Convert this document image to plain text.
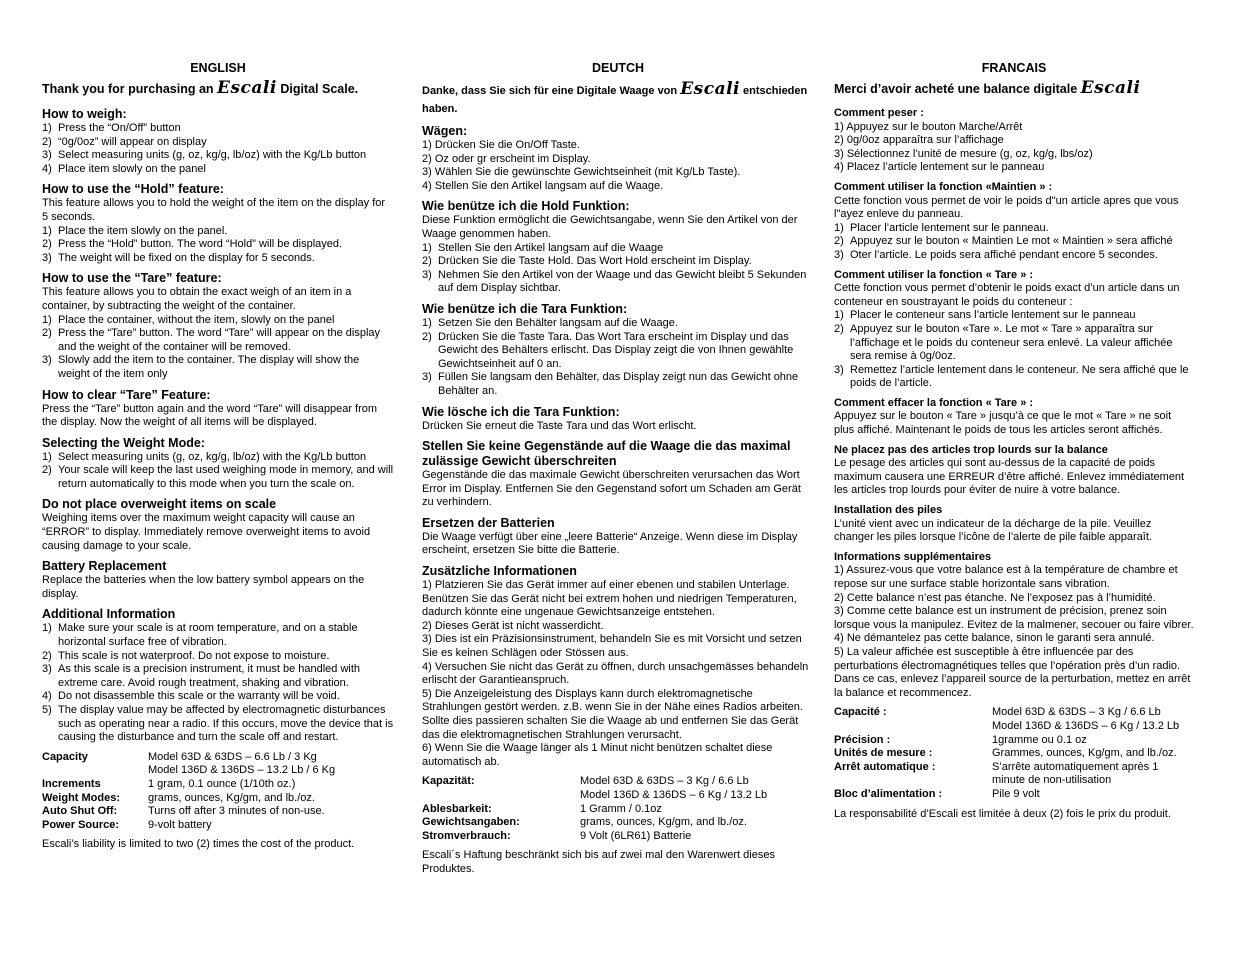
ENGLISH
Thank you for purchasing an Escali Digital Scale.
How to weigh:
1) Press the “On/Off” button
2) “0g/0oz” will appear on display
3) Select measuring units (g, oz, kg/g, lb/oz) with the Kg/Lb button
4) Place item slowly on the panel
How to use the “Hold” feature:

This feature allows you to hold the weight of the item on the display for 5 seconds.

1) Place the item slowly on the panel.
2) Press the “Hold” button. The word “Hold” will be displayed.
3) The weight will be fixed on the display for 5 seconds.
How to use the “Tare” feature:

This feature allows you to obtain the exact weigh of an item in a container, by subtracting the weight of the container.

1) Place the container, without the item, slowly on the panel
2) Press the “Tare” button. The word “Tare” will appear on the display and the weight of the container will be removed.
3) Slowly add the item to the container. The display will show the weight of the item only
How to clear “Tare” Feature:

Press the “Tare” button again and the word “Tare” will disappear from the display. Now the weight of all items will be displayed.

Selecting the Weight Mode:
1) Select measuring units (g, oz, kg/g, lb/oz) with the Kg/Lb button
2) Your scale will keep the last used weighing mode in memory, and will return automatically to this mode when you turn the scale on.
Do not place overweight items on scale

Weighing items over the maximum weight capacity will cause an “ERROR” to display. Immediately remove overweight items to avoid causing damage to your scale.

Battery Replacement

Replace the batteries when the low battery symbol appears on the display.

Additional Information
1) Make sure your scale is at room temperature, and on a stable horizontal surface free of vibration.
2) This scale is not waterproof. Do not expose to moisture.
3) As this scale is a precision instrument, it must be handled with extreme care. Avoid rough treatment, shaking and vibration.
4) Do not disassemble this scale or the warranty will be void.
5) The display value may be affected by electromagnetic disturbances such as operating near a radio. If this occurs, move the device that is causing the disturbance and turn the scale off and restart.
Capacity	Model 63D & 63DS – 6.6 Lb / 3 Kg
Model 136D & 136DS – 13.2 Lb / 6 Kg
Increments	1 gram, 0.1 ounce (1/10th oz.)
Weight Modes:	grams, ounces, Kg/gm, and lb./oz.
Auto Shut Off:	Turns off after 3 minutes of non-use.
Power Source:	9-volt battery

Escali’s liability is limited to two (2) times the cost of the product.

DEUTCH
Danke, dass Sie sich für eine Digitale Waage von Escali entschieden haben.
Wägen:
1) Drücken Sie die On/Off Taste.
2) Oz oder gr erscheint im Display.
3) Wählen Sie die gewünschte Gewichtseinheit (mit Kg/Lb Taste).
4) Stellen Sie den Artikel langsam auf die Waage.
Wie benütze ich die Hold Funktion:

Diese Funktion ermöglicht die Gewichtsangabe, wenn Sie den Artikel von der Waage genommen haben.

1) Stellen Sie den Artikel langsam auf die Waage
2) Drücken Sie die Taste Hold. Das Wort Hold erscheint im Display.
3) Nehmen Sie den Artikel von der Waage und das Gewicht bleibt 5 Sekunden auf dem Display sichtbar.
Wie benütze ich die Tara Funktion:
1) Setzen Sie den Behälter langsam auf die Waage.
2) Drücken Sie die Taste Tara. Das Wort Tara erscheint im Display und das Gewicht des Behälters erlischt. Das Display zeigt die von Ihnen gewählte Gewichtseinheit auf 0 an.
3) Füllen Sie langsam den Behälter, das Display zeigt nun das Gewicht ohne Behälter an.
Wie lösche ich die Tara Funktion:

Drücken Sie erneut die Taste Tara und das Wort erlischt.

Stellen Sie keine Gegenstände auf die Waage die das maximal zulässige Gewicht überschreiten

Gegenstände die das maximale Gewicht überschreiten verursachen das Wort Error im Display. Entfernen Sie den Gegenstand sofort um Schaden am Gerät zu verhindern.

Ersetzen der Batterien

Die Waage verfügt über eine „leere Batterie“ Anzeige. Wenn diese im Display erscheint, ersetzen Sie bitte die Batterie.

Zusätzliche Informationen
1) Platzieren Sie das Gerät immer auf einer ebenen und stabilen Unterlage. Benützen Sie das Gerät nicht bei extrem hohen und niedrigen Temperaturen, dadurch könnte eine ungenaue Gewichtsanzeige entstehen.
2) Dieses Gerät ist nicht wasserdicht.
3) Dies ist ein Präzisionsinstrument, behandeln Sie es mit Vorsicht und setzen Sie es keinen Schlägen oder Stössen aus.
4) Versuchen Sie nicht das Gerät zu öffnen, durch unsachgemässes behandeln erlischt der Garantieanspruch.
5) Die Anzeigeleistung des Displays kann durch elektromagnetische Strahlungen gestört werden. z.B. wenn Sie in der Nähe eines Radios arbeiten. Sollte dies passieren schalten Sie die Waage ab und entfernen Sie das Gerät das die elektromagnetischen Strahlungen verursacht.
6) Wenn Sie die Waage länger als 1 Minut nicht benützen schaltet diese automatisch ab.
Kapazität:	Model 63D & 63DS – 3 Kg / 6.6 Lb
Model 136D & 136DS – 6 Kg / 13.2 Lb
Ablesbarkeit:	1 Gramm / 0.1oz
Gewichtsangaben:	grams, ounces, Kg/gm, and lb./oz.
Stromverbrauch:	9 Volt (6LR61) Batterie

Escali´s Haftung beschränkt sich bis auf zwei mal den Warenwert dieses Produktes.

FRANCAIS
Merci d’avoir acheté une balance digitale Escali
Comment peser :
1) Appuyez sur le bouton Marche/Arrêt
2) 0g/0oz apparaîtra sur l’affichage
3) Sélectionnez l’unité de mesure (g, oz, kg/g, lbs/oz)
4) Placez l’article lentement sur le panneau
Comment utiliser la fonction «Maintien » :

Cette fonction vous permet de voir le poids d"un article apres que vous l"ayez enleve du panneau.

1) Placer l’article lentement sur le panneau.
2) Appuyez sur le bouton « Maintien Le mot « Maintien » sera affiché
3) Oter l’article. Le poids sera affiché pendant encore 5 secondes.
Comment utiliser la fonction « Tare » :

Cette fonction vous permet d’obtenir le poids exact d’un article dans un conteneur en soustrayant le poids du conteneur :

1) Placer le conteneur sans l’article lentement sur le panneau
2) Appuyez sur le bouton «Tare ». Le mot « Tare » apparaîtra sur l’affichage et le poids du conteneur sera enlevé. La valeur affichée sera remise à 0g/0oz.
3) Remettez l’article lentement dans le conteneur. Ne sera affiché que le poids de l’article.
Comment effacer la fonction « Tare » :

Appuyez sur le bouton « Tare » jusqu’à ce que le mot « Tare » ne soit plus affiché. Maintenant le poids de tous les articles seront affichés.

Ne placez pas des articles trop lourds sur la balance

Le pesage des articles qui sont au-dessus de la capacité de poids maximum causera une ERREUR d’être affiché. Enlevez immédiatement les articles trop lourds pour éviter de nuire à votre balance.

Installation des piles

L’unité vient avec un indicateur de la décharge de la pile. Veuillez changer les piles lorsque l’icône de l’alerte de pile faible apparaît.

Informations supplémentaires
1) Assurez-vous que votre balance est à la température de chambre et repose sur une surface stable horizontale sans vibration.
2) Cette balance n’est pas étanche. Ne l’exposez pas à l’humidité.
3) Comme cette balance est un instrument de précision, prenez soin lorsque vous la manipulez. Evitez de la malmener, secouer ou faire vibrer.
4) Ne démantelez pas cette balance, sinon le garanti sera annulé.
5) La valeur affichée est susceptible à être influencée par des perturbations électromagnétiques telles que l’opération près d’un radio. Dans ce cas, enlevez l’appareil source de la perturbation, mettez en arrêt la balance et recommencez.
Capacité :	Model 63D & 63DS – 3 Kg / 6.6 Lb
Model 136D & 136DS – 6 Kg / 13.2 Lb
Précision :	1gramme ou 0.1 oz
Unités de mesure :	Grammes, ounces, Kg/gm, and lb./oz.
Arrêt automatique :	S’arrête automatiquement après 1 minute de non-utilisation
Bloc d’alimentation :	Pile 9 volt

La responsabilité d’Escali est limitée à deux (2) fois le prix du produit.
